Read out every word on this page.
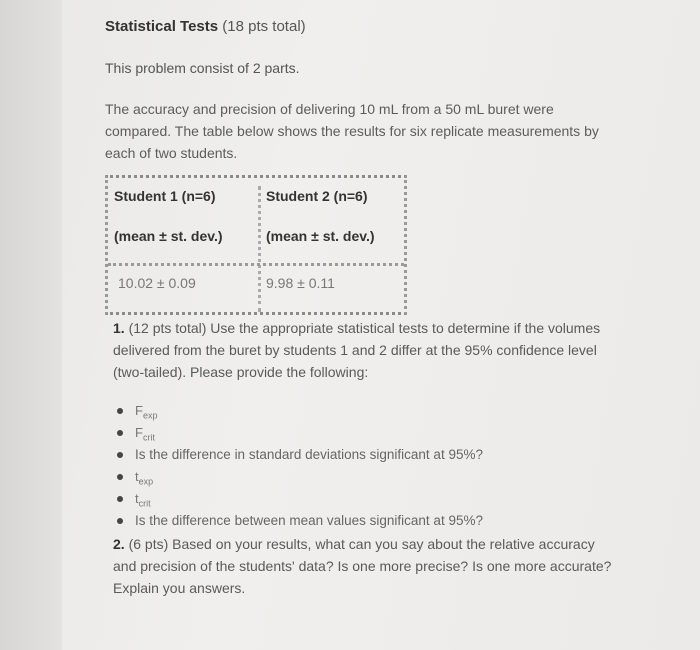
Statistical Tests (18 pts total)
This problem consist of 2 parts.
The accuracy and precision of delivering 10 mL from a 50 mL buret were compared. The table below shows the results for six replicate measurements by each of two students.
Student 1 (n=6)	Student 2 (n=6)
(mean ± st. dev.)	(mean ± st. dev.)
10.02 ± 0.09	9.98 ± 0.11
1. (12 pts total) Use the appropriate statistical tests to determine if the volumes delivered from the buret by students 1 and 2 differ at the 95% confidence level (two-tailed). Please provide the following:
$F_{exp}$
$F_{crit}$
Is the difference in standard deviations significant at 95%?
$t_{exp}$
$t_{crit}$
Is the difference between mean values significant at 95%?
2. (6 pts) Based on your results, what can you say about the relative accuracy and precision of the students' data? Is one more precise? Is one more accurate? Explain you answers.
